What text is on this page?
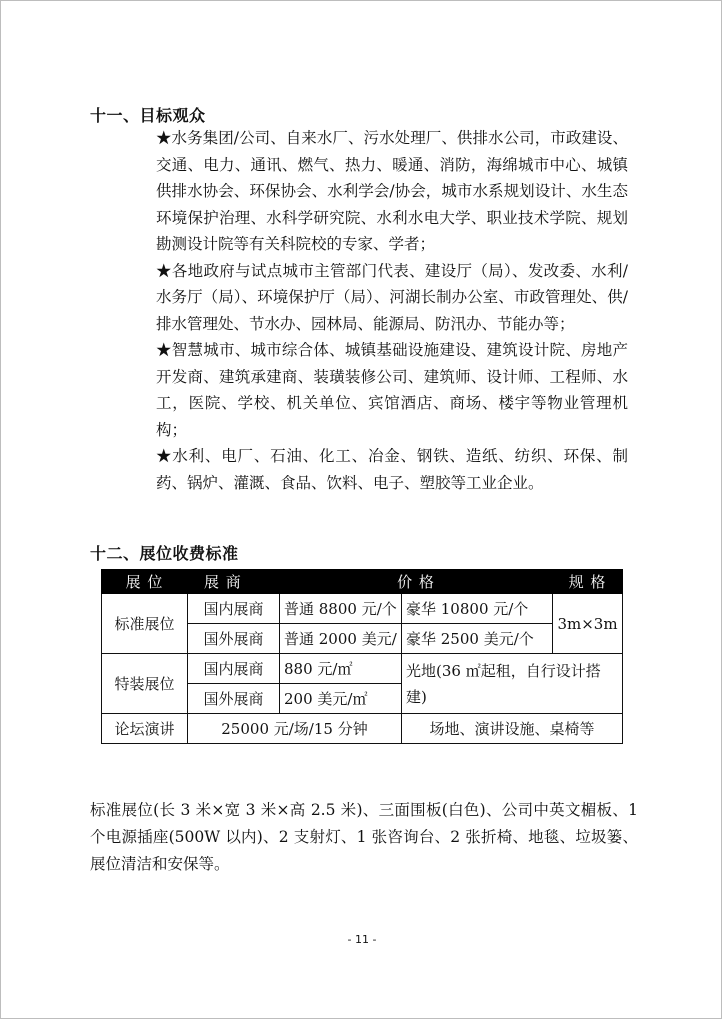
十一、目标观众

★水务集团/公司、自来水厂、污水处理厂、供排水公司，市政建设、交通、电力、通讯、燃气、热力、暖通、消防，海绵城市中心、城镇供排水协会、环保协会、水利学会/协会，城市水系规划设计、水生态环境保护治理、水科学研究院、水利水电大学、职业技术学院、规划勘测设计院等有关科院校的专家、学者；

★各地政府与试点城市主管部门代表、建设厅（局）、发改委、水利/水务厅（局）、环境保护厅（局）、河湖长制办公室、市政管理处、供/排水管理处、节水办、园林局、能源局、防汛办、节能办等；

★智慧城市、城市综合体、城镇基础设施建设、建筑设计院、房地产开发商、建筑承建商、装璜装修公司、建筑师、设计师、工程师、水工，医院、学校、机关单位、宾馆酒店、商场、楼宇等物业管理机构；

★水利、电厂、石油、化工、冶金、钢铁、造纸、纺织、环保、制药、锅炉、灌溉、食品、饮料、电子、塑胶等工业企业。

十二、展位收费标准
展 位	展 商	价 格		规 格
标准展位	国内展商	普通 8800 元/个	豪华 10800 元/个	3m×3m
	国外展商	普通 2000 美元/	豪华 2500 美元/个	
特装展位	国内展商	880 元/㎡	光地(36 ㎡起租，自行设计搭建)	
	国外展商	200 美元/㎡		
论坛演讲	25000 元/场/15 分钟		场地、演讲设施、桌椅等	
标准展位(长 3 米×宽 3 米×高 2.5 米)、三面围板(白色)、公司中英文楣板、1 个电源插座(500W 以内)、2 支射灯、1 张咨询台、2 张折椅、地毯、垃圾篓、展位清洁和安保等。
- 11 -
